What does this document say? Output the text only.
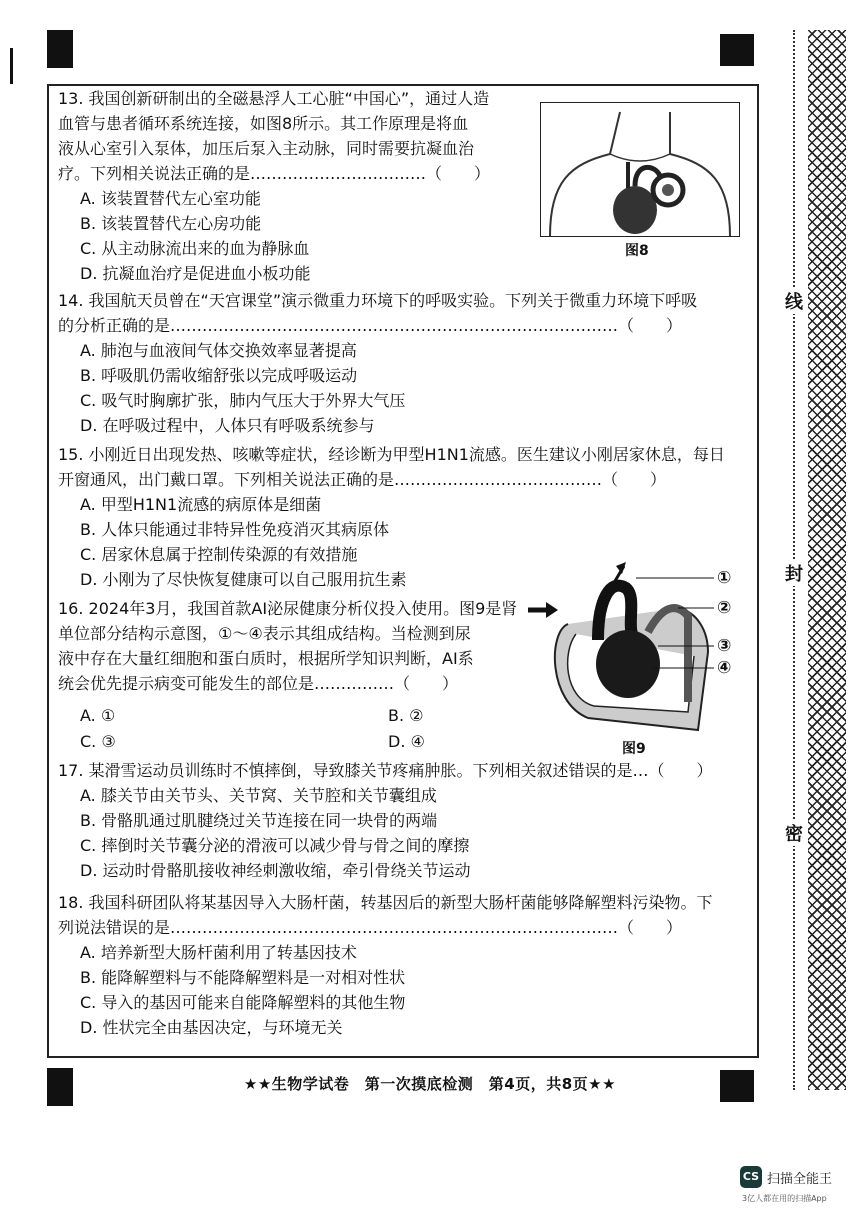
线
封
密
13. 我国创新研制出的全磁悬浮人工心脏“中国心”，通过人造
血管与患者循环系统连接，如图8所示。其工作原理是将血
液从心室引入泵体，加压后泵入主动脉，同时需要抗凝血治
疗。下列相关说法正确的是……………………………（　　）
A. 该装置替代左心室功能
B. 该装置替代左心房功能
C. 从主动脉流出来的血为静脉血
D. 抗凝血治疗是促进血小板功能
图8
14. 我国航天员曾在“天宫课堂”演示微重力环境下的呼吸实验。下列关于微重力环境下呼吸
的分析正确的是…………………………………………………………………………（　　）
A. 肺泡与血液间气体交换效率显著提高
B. 呼吸肌仍需收缩舒张以完成呼吸运动
C. 吸气时胸廓扩张，肺内气压大于外界大气压
D. 在呼吸过程中，人体只有呼吸系统参与
15. 小刚近日出现发热、咳嗽等症状，经诊断为甲型H1N1流感。医生建议小刚居家休息，每日
开窗通风，出门戴口罩。下列相关说法正确的是…………………………………（　　）
A. 甲型H1N1流感的病原体是细菌
B. 人体只能通过非特异性免疫消灭其病原体
C. 居家休息属于控制传染源的有效措施
D. 小刚为了尽快恢复健康可以自己服用抗生素
16. 2024年3月，我国首款AI泌尿健康分析仪投入使用。图9是肾
单位部分结构示意图，①～④表示其组成结构。当检测到尿
液中存在大量红细胞和蛋白质时，根据所学知识判断，AI系
统会优先提示病变可能发生的部位是……………（　　）
A. ①	B. ②
C. ③	D. ④
①
②
③
④
图9
17. 某滑雪运动员训练时不慎摔倒，导致膝关节疼痛肿胀。下列相关叙述错误的是…（　　）
A. 膝关节由关节头、关节窝、关节腔和关节囊组成
B. 骨骼肌通过肌腱绕过关节连接在同一块骨的两端
C. 摔倒时关节囊分泌的滑液可以减少骨与骨之间的摩擦
D. 运动时骨骼肌接收神经刺激收缩，牵引骨绕关节运动
18. 我国科研团队将某基因导入大肠杆菌，转基因后的新型大肠杆菌能够降解塑料污染物。下
列说法错误的是…………………………………………………………………………（　　）
A. 培养新型大肠杆菌利用了转基因技术
B. 能降解塑料与不能降解塑料是一对相对性状
C. 导入的基因可能来自能降解塑料的其他生物
D. 性状完全由基因决定，与环境无关
★★生物学试卷　第一次摸底检测　第4页，共8页★★
CS 扫描全能王
3亿人都在用的扫描App
